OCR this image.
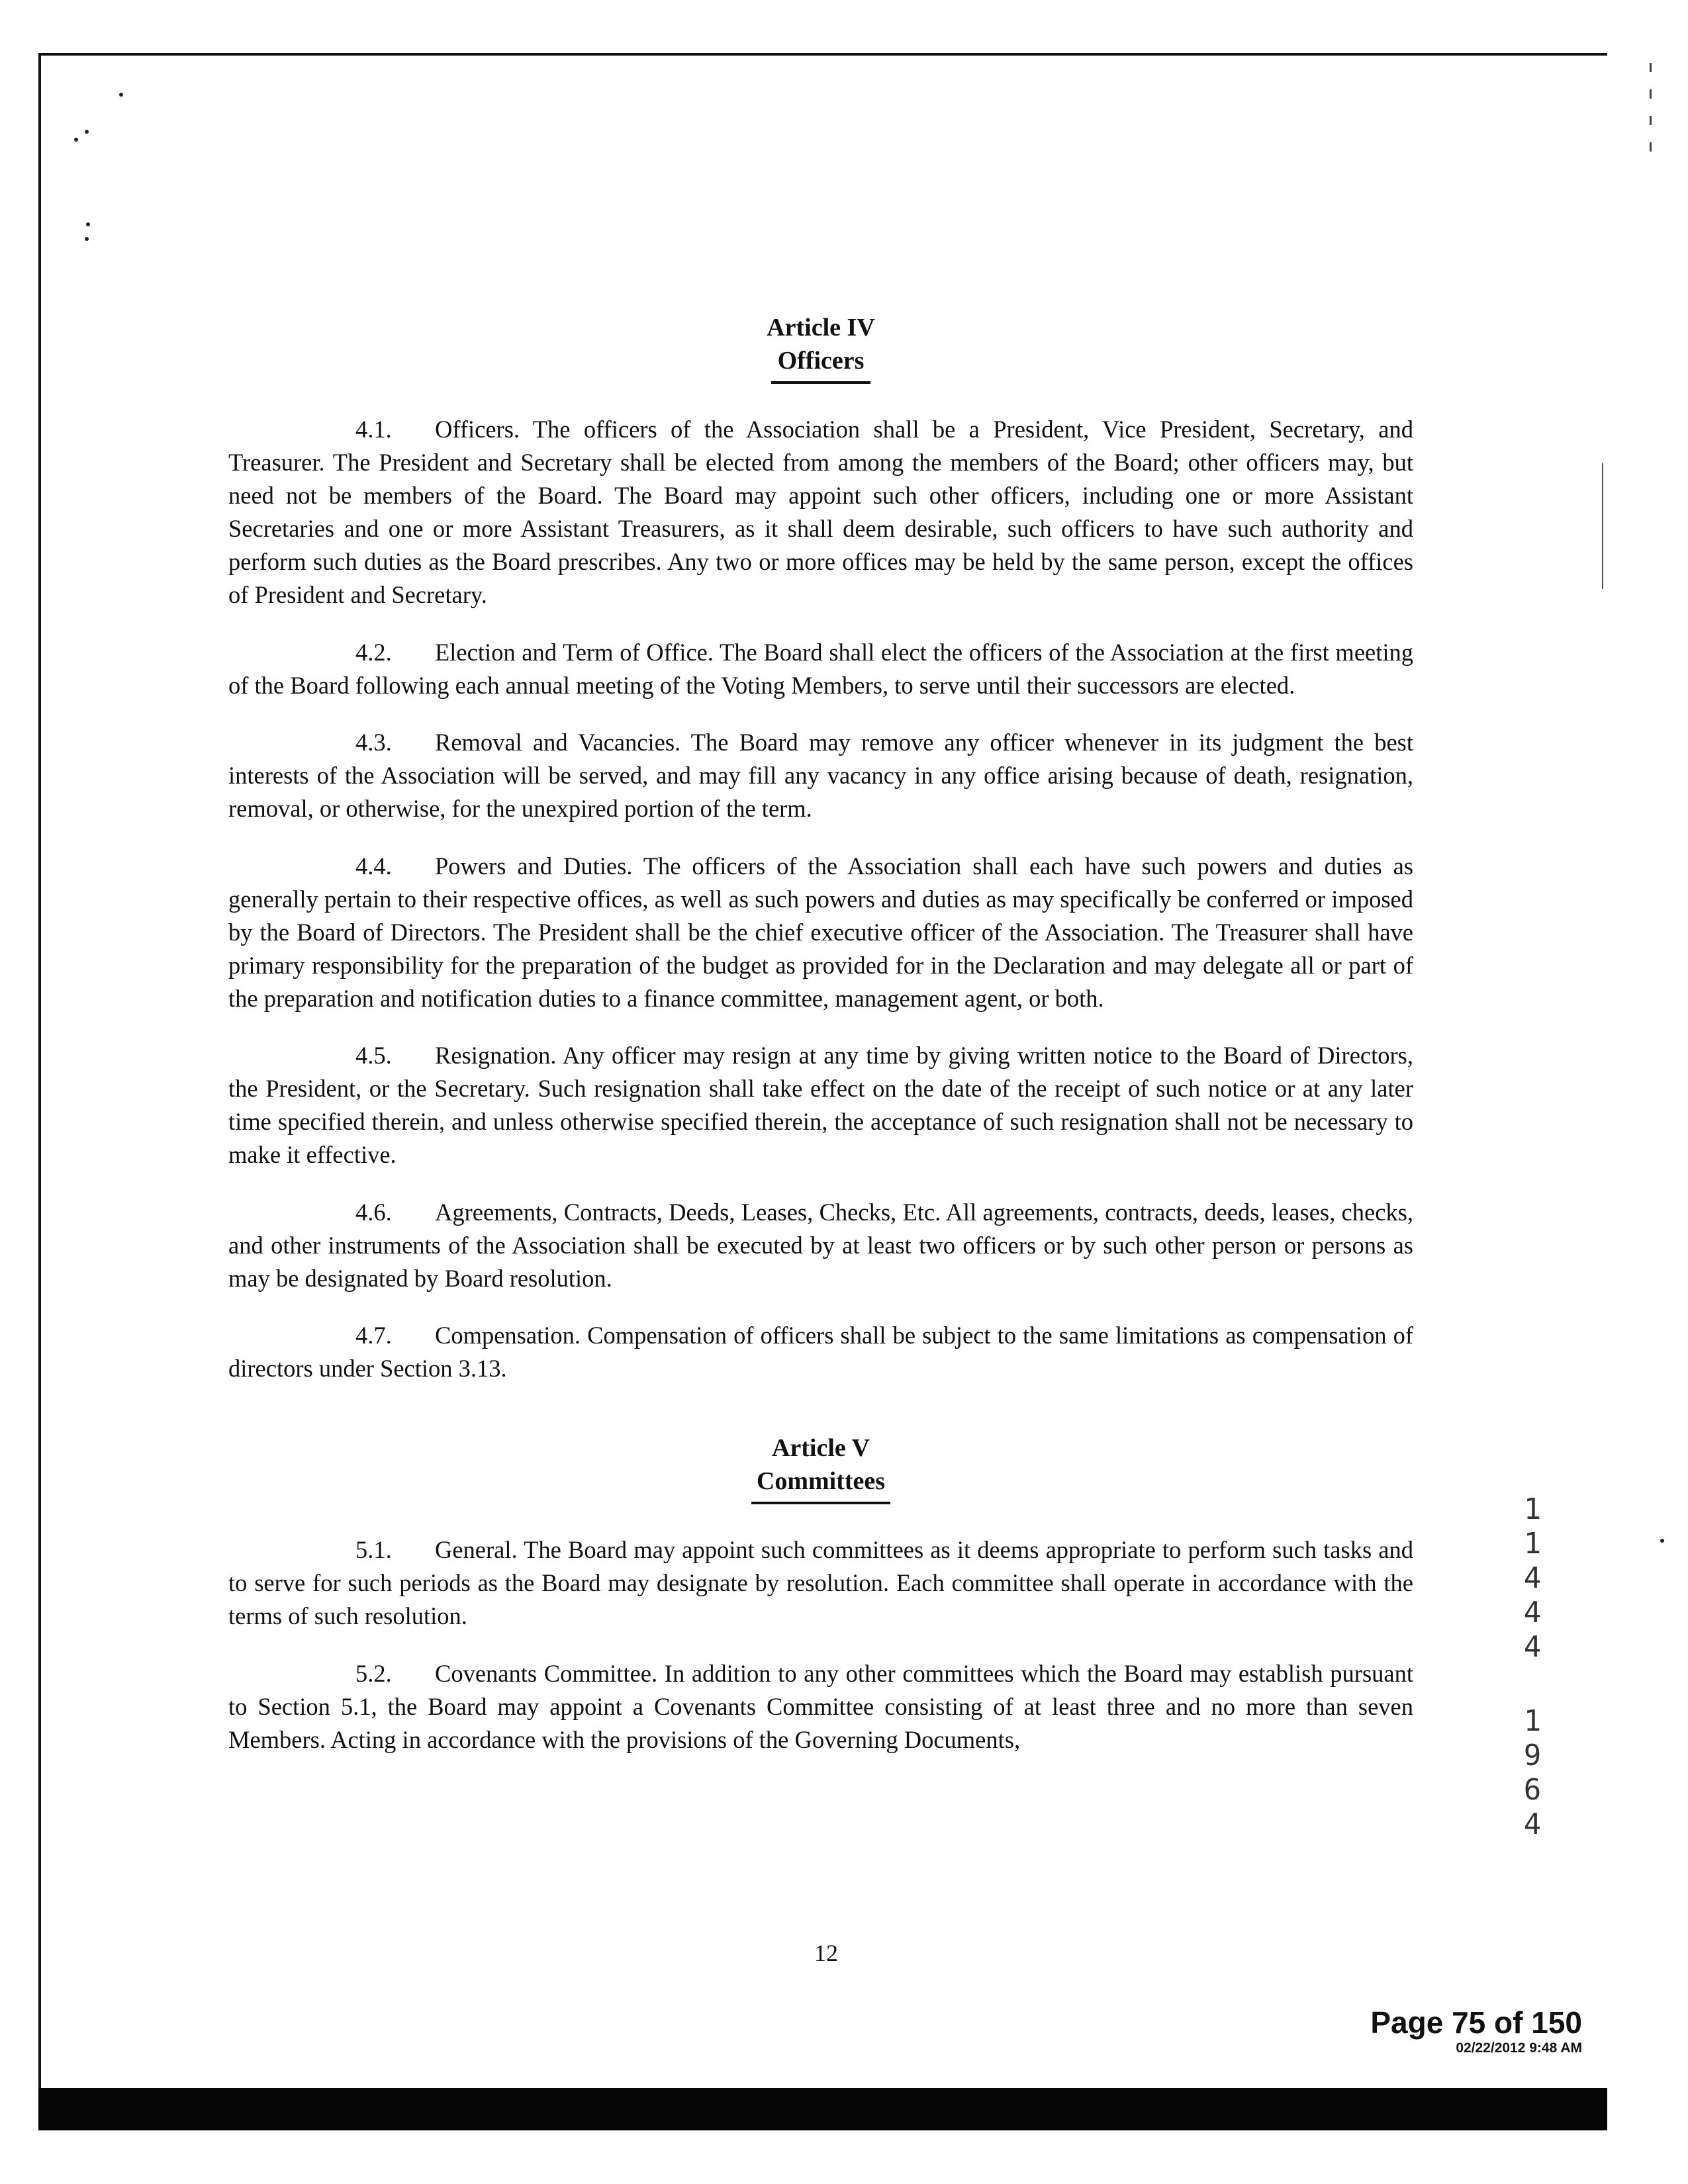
Article IV
Officers

4.1. Officers. The officers of the Association shall be a President, Vice President, Secretary, and Treasurer. The President and Secretary shall be elected from among the members of the Board; other officers may, but need not be members of the Board. The Board may appoint such other officers, including one or more Assistant Secretaries and one or more Assistant Treasurers, as it shall deem desirable, such officers to have such authority and perform such duties as the Board prescribes. Any two or more offices may be held by the same person, except the offices of President and Secretary.

4.2. Election and Term of Office. The Board shall elect the officers of the Association at the first meeting of the Board following each annual meeting of the Voting Members, to serve until their successors are elected.

4.3. Removal and Vacancies. The Board may remove any officer whenever in its judgment the best interests of the Association will be served, and may fill any vacancy in any office arising because of death, resignation, removal, or otherwise, for the unexpired portion of the term.

4.4. Powers and Duties. The officers of the Association shall each have such powers and duties as generally pertain to their respective offices, as well as such powers and duties as may specifically be conferred or imposed by the Board of Directors. The President shall be the chief executive officer of the Association. The Treasurer shall have primary responsibility for the preparation of the budget as provided for in the Declaration and may delegate all or part of the preparation and notification duties to a finance committee, management agent, or both.

4.5. Resignation. Any officer may resign at any time by giving written notice to the Board of Directors, the President, or the Secretary. Such resignation shall take effect on the date of the receipt of such notice or at any later time specified therein, and unless otherwise specified therein, the acceptance of such resignation shall not be necessary to make it effective.

4.6. Agreements, Contracts, Deeds, Leases, Checks, Etc. All agreements, contracts, deeds, leases, checks, and other instruments of the Association shall be executed by at least two officers or by such other person or persons as may be designated by Board resolution.

4.7. Compensation. Compensation of officers shall be subject to the same limitations as compensation of directors under Section 3.13.

Article V
Committees

5.1. General. The Board may appoint such committees as it deems appropriate to perform such tasks and to serve for such periods as the Board may designate by resolution. Each committee shall operate in accordance with the terms of such resolution.

5.2. Covenants Committee. In addition to any other committees which the Board may establish pursuant to Section 5.1, the Board may appoint a Covenants Committee consisting of at least three and no more than seven Members. Acting in accordance with the provisions of the Governing Documents,

12
1
1
4
4
4
1
9
6
4
Page 75 of 150
02/22/2012 9:48 AM
